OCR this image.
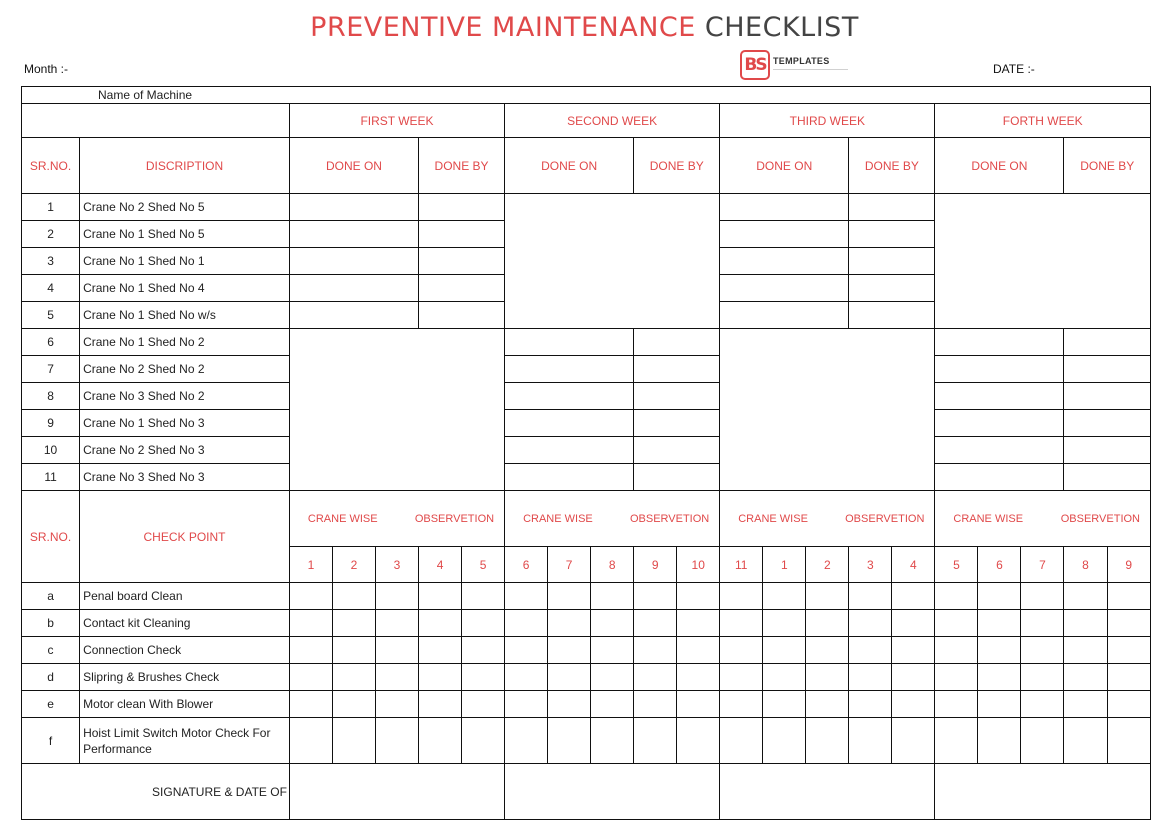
PREVENTIVE MAINTENANCE CHECKLIST
Month :-	DATE :-
BS TEMPLATES
———————————————
Name of Machine																					
		FIRST WEEK					SECOND WEEK					THIRD WEEK					FORTH WEEK				
SR.NO.	DISCRIPTION	DONE ON			DONE BY		DONE ON			DONE BY		DONE ON			DONE BY		DONE ON			DONE BY	
1	Crane No 2 Shed No 5																				
2	Crane No 1 Shed No 5																				
3	Crane No 1 Shed No 1																				
4	Crane No 1 Shed No 4																				
5	Crane No 1 Shed No w/s																				
6	Crane No 1 Shed No 2																				
7	Crane No 2 Shed No 2																				
8	Crane No 3 Shed No 2																				
9	Crane No 1 Shed No 3																				
10	Crane No 2 Shed No 3																				
11	Crane No 3 Shed No 3																				
SR.NO.	CHECK POINT	CRANE WISE OBSERVETION					CRANE WISE OBSERVETION					CRANE WISE OBSERVETION					CRANE WISE OBSERVETION				

		1	2	3	4	5	6	7	8	9	10	11	1	2	3	4	5	6	7	8	9
a	Penal board Clean																				
b	Contact kit Cleaning																				
c	Connection Check																				
d	Slipring & Brushes Check																				
e	Motor clean With Blower																				
f	Hoist Limit Switch Motor Check For Performance																				
SIGNATURE & DATE OF																					
